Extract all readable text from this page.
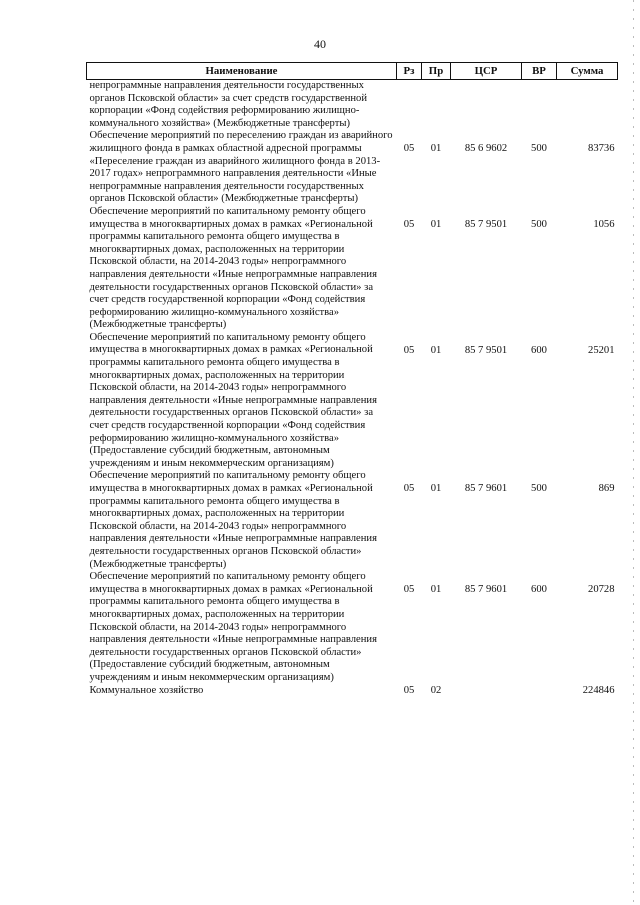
40
Наименование	Рз	Пр	ЦСР	ВР	Сумма
непрограммные направления деятельности государственных органов Псковской области» за счет средств государственной корпорации «Фонд содействия реформированию жилищно-коммунального хозяйства» (Межбюджетные трансферты)					
Обеспечение мероприятий по переселению граждан из аварийного жилищного фонда в рамках областной адресной программы «Переселение граждан из аварийного жилищного фонда в 2013-2017 годах» непрограммного направления деятельности «Иные непрограммные направления деятельности государственных органов Псковской области» (Межбюджетные трансферты)	05	01	85 6 9602	500	83736
Обеспечение мероприятий по капитальному ремонту общего имущества в многоквартирных домах в рамках «Региональной программы капитального ремонта общего имущества в многоквартирных домах, расположенных на территории Псковской области, на 2014-2043 годы» непрограммного направления деятельности «Иные непрограммные направления деятельности государственных органов Псковской области» за счет средств государственной корпорации «Фонд содействия реформированию жилищно-коммунального хозяйства» (Межбюджетные трансферты)	05	01	85 7 9501	500	1056
Обеспечение мероприятий по капитальному ремонту общего имущества в многоквартирных домах в рамках «Региональной программы капитального ремонта общего имущества в многоквартирных домах, расположенных на территории Псковской области, на 2014-2043 годы» непрограммного направления деятельности «Иные непрограммные направления деятельности государственных органов Псковской области» за счет средств государственной корпорации «Фонд содействия реформированию жилищно-коммунального хозяйства» (Предоставление субсидий бюджетным, автономным учреждениям и иным некоммерческим организациям)	05	01	85 7 9501	600	25201
Обеспечение мероприятий по капитальному ремонту общего имущества в многоквартирных домах в рамках «Региональной программы капитального ремонта общего имущества в многоквартирных домах, расположенных на территории Псковской области, на 2014-2043 годы» непрограммного направления деятельности «Иные непрограммные направления деятельности государственных органов Псковской области» (Межбюджетные трансферты)	05	01	85 7 9601	500	869
Обеспечение мероприятий по капитальному ремонту общего имущества в многоквартирных домах в рамках «Региональной программы капитального ремонта общего имущества в многоквартирных домах, расположенных на территории Псковской области, на 2014-2043 годы» непрограммного направления деятельности «Иные непрограммные направления деятельности государственных органов Псковской области» (Предоставление субсидий бюджетным, автономным учреждениям и иным некоммерческим организациям)	05	01	85 7 9601	600	20728
Коммунальное хозяйство	05	02			224846
